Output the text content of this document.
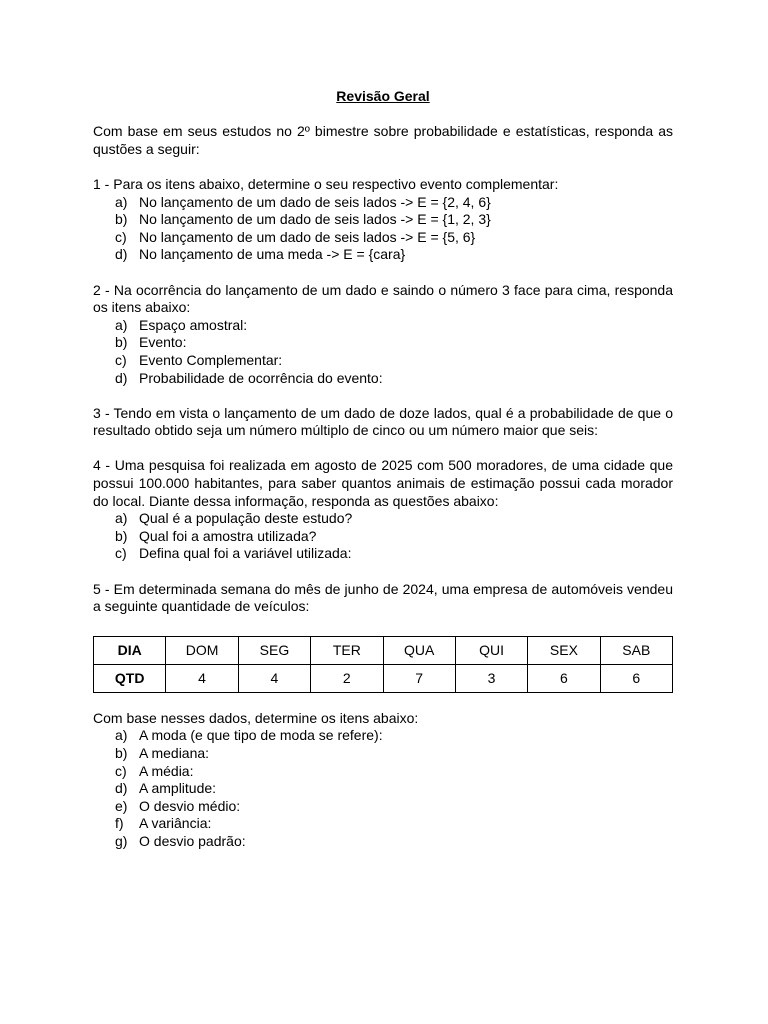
Revisão Geral

Com base em seus estudos no 2º bimestre sobre probabilidade e estatísticas, responda as qustões a seguir:

1 - Para os itens abaixo, determine o seu respectivo evento complementar:

a) No lançamento de um dado de seis lados -> E = {2, 4, 6}
b) No lançamento de um dado de seis lados -> E = {1, 2, 3}
c) No lançamento de um dado de seis lados -> E = {5, 6}
d) No lançamento de uma meda -> E = {cara}

2 - Na ocorrência do lançamento de um dado e saindo o número 3 face para cima, responda os itens abaixo:

a) Espaço amostral:
b) Evento:
c) Evento Complementar:
d) Probabilidade de ocorrência do evento:

3 - Tendo em vista o lançamento de um dado de doze lados, qual é a probabilidade de que o resultado obtido seja um número múltiplo de cinco ou um número maior que seis:

4 - Uma pesquisa foi realizada em agosto de 2025 com 500 moradores, de uma cidade que possui 100.000 habitantes, para saber quantos animais de estimação possui cada morador do local. Diante dessa informação, responda as questões abaixo:

a) Qual é a população deste estudo?
b) Qual foi a amostra utilizada?
c) Defina qual foi a variável utilizada:

5 - Em determinada semana do mês de junho de 2024, uma empresa de automóveis vendeu a seguinte quantidade de veículos:

DIA	DOM	SEG	TER	QUA	QUI	SEX	SAB
QTD	4	4	2	7	3	6	6

Com base nesses dados, determine os itens abaixo:

a) A moda (e que tipo de moda se refere):
b) A mediana:
c) A média:
d) A amplitude:
e) O desvio médio:
f) A variância:
g) O desvio padrão:
